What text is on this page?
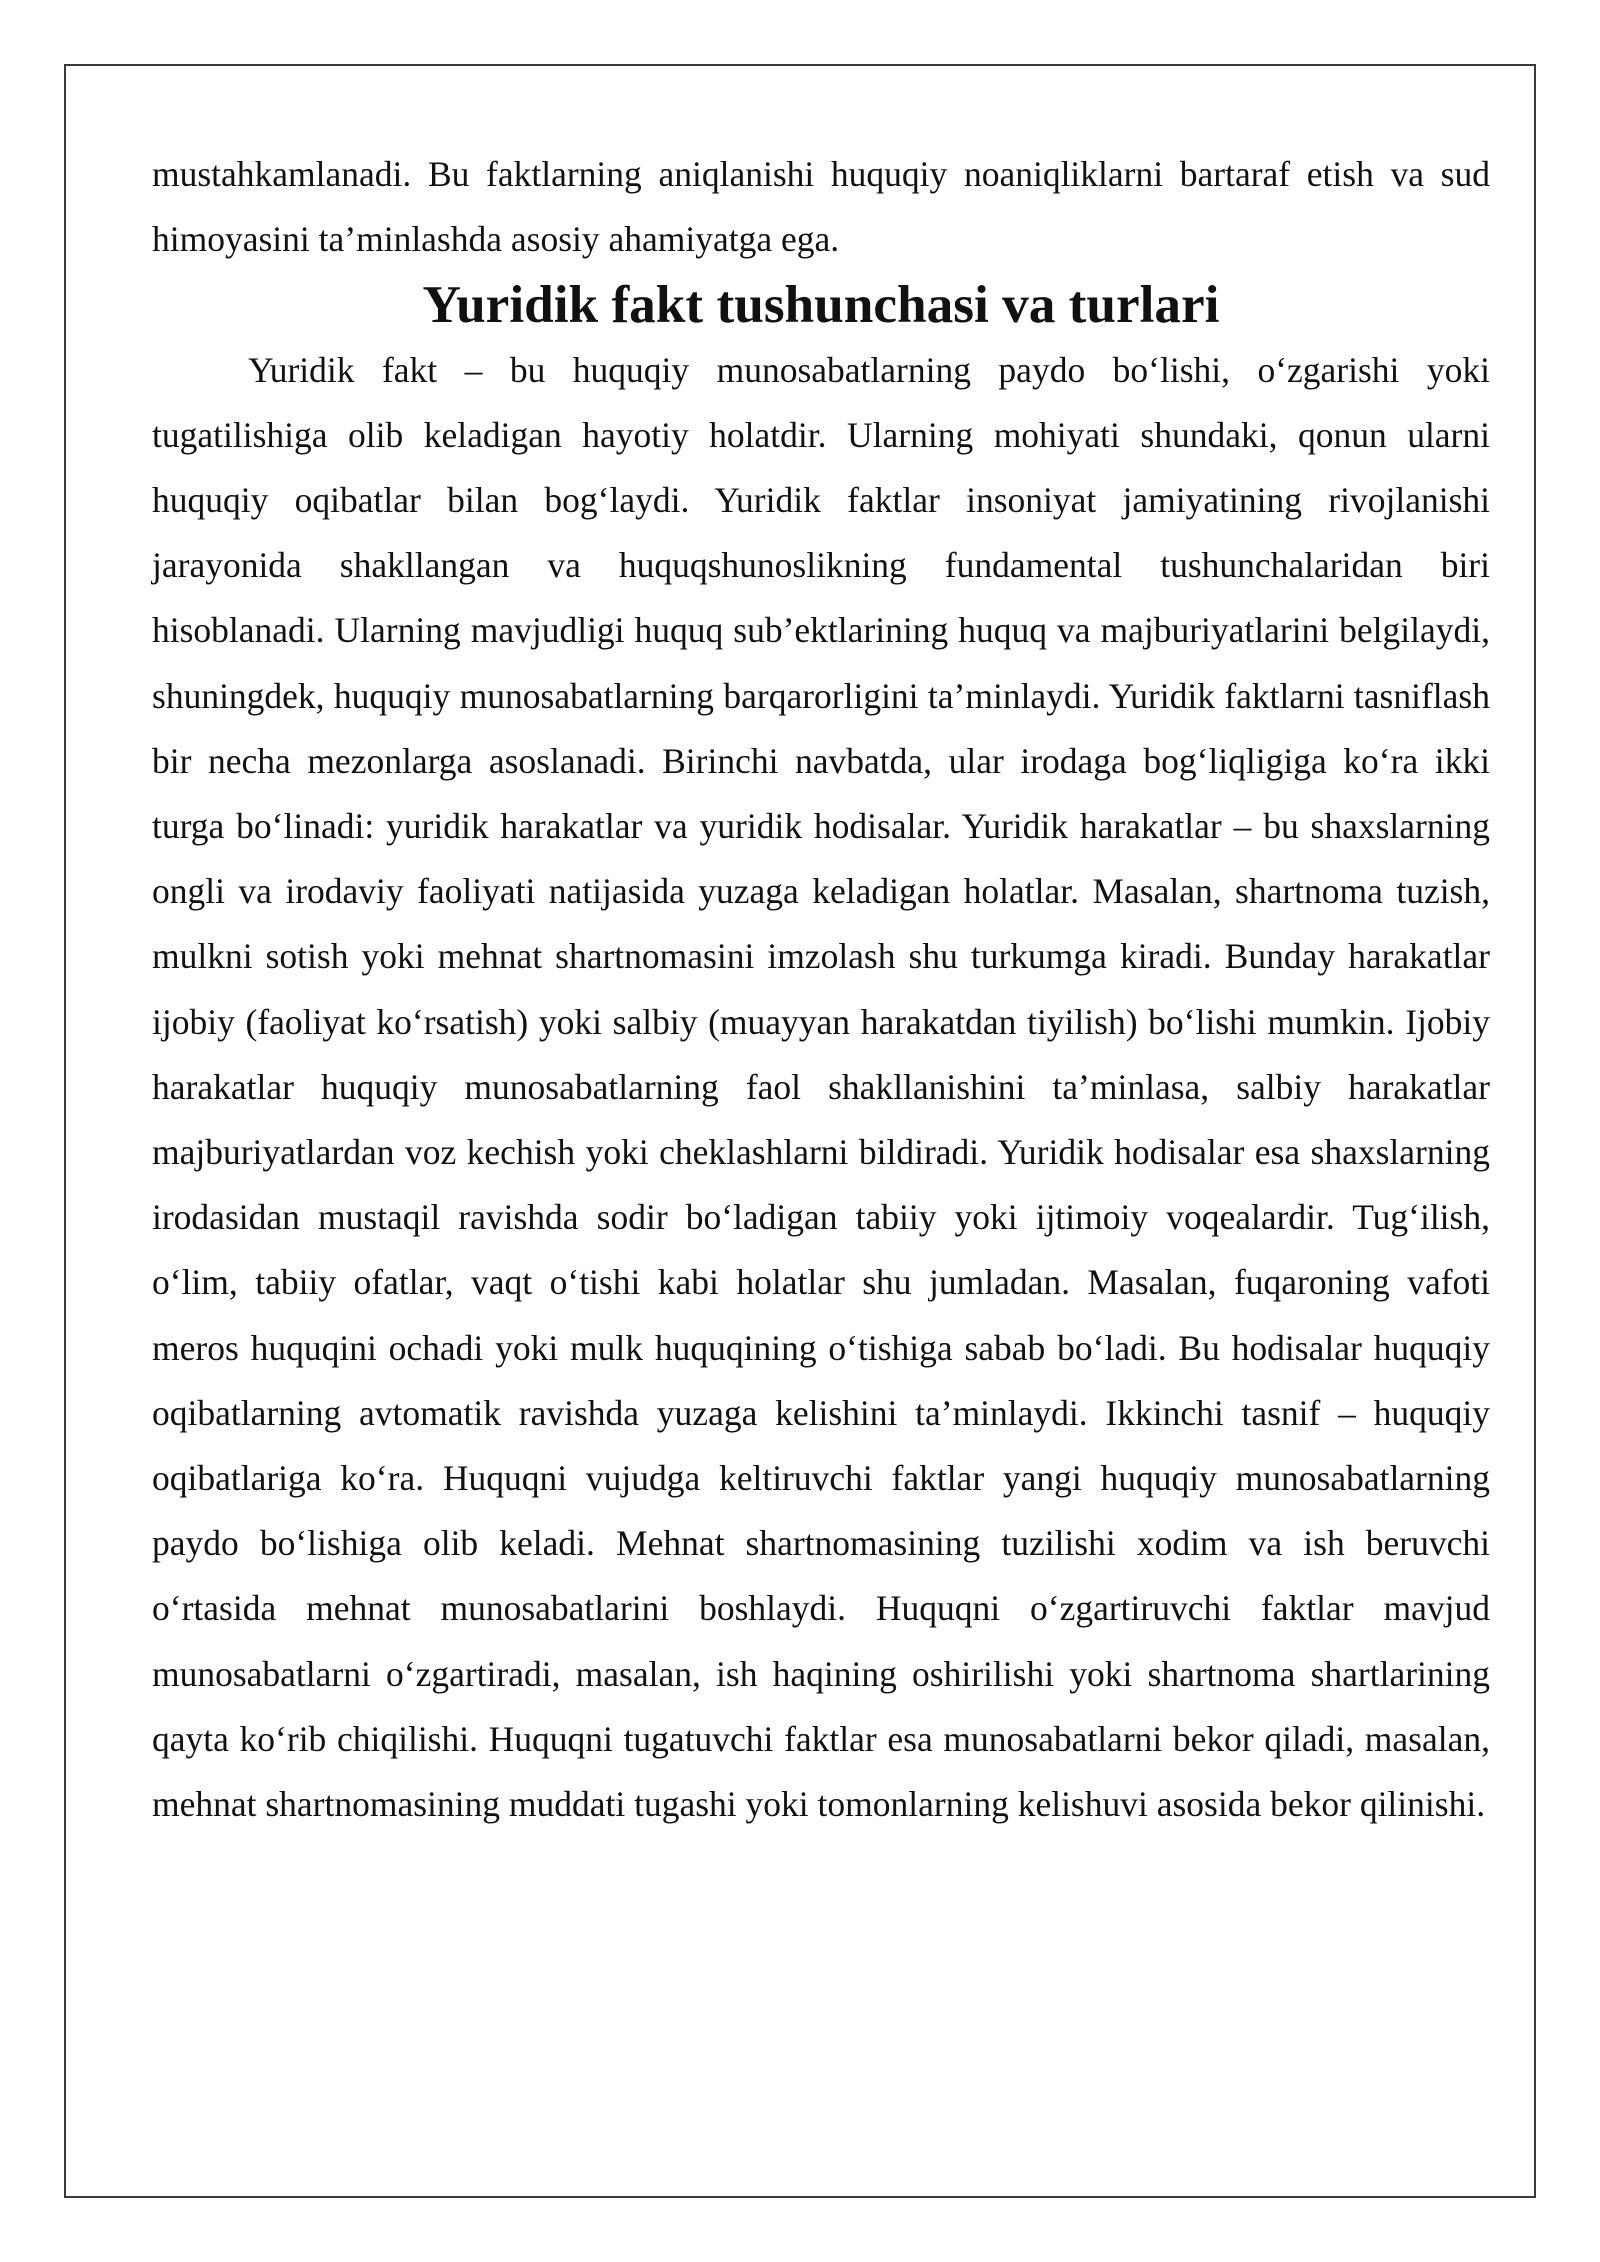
mustahkamlanadi. Bu faktlarning aniqlanishi huquqiy noaniqliklarni bartaraf etish va sud himoyasini ta’minlashda asosiy ahamiyatga ega.

Yuridik fakt tushunchasi va turlari

Yuridik fakt – bu huquqiy munosabatlarning paydo bo‘lishi, o‘zgarishi yoki tugatilishiga olib keladigan hayotiy holatdir. Ularning mohiyati shundaki, qonun ularni huquqiy oqibatlar bilan bog‘laydi. Yuridik faktlar insoniyat jamiyatining rivojlanishi jarayonida shakllangan va huquqshunoslikning fundamental tushunchalaridan biri hisoblanadi. Ularning mavjudligi huquq sub’ektlarining huquq va majburiyatlarini belgilaydi, shuningdek, huquqiy munosabatlarning barqarorligini ta’minlaydi. Yuridik faktlarni tasniflash bir necha mezonlarga asoslanadi. Birinchi navbatda, ular irodaga bog‘liqligiga ko‘ra ikki turga bo‘linadi: yuridik harakatlar va yuridik hodisalar. Yuridik harakatlar – bu shaxslarning ongli va irodaviy faoliyati natijasida yuzaga keladigan holatlar. Masalan, shartnoma tuzish, mulkni sotish yoki mehnat shartnomasini imzolash shu turkumga kiradi. Bunday harakatlar ijobiy (faoliyat ko‘rsatish) yoki salbiy (muayyan harakatdan tiyilish) bo‘lishi mumkin. Ijobiy harakatlar huquqiy munosabatlarning faol shakllanishini ta’minlasa, salbiy harakatlar majburiyatlardan voz kechish yoki cheklashlarni bildiradi. Yuridik hodisalar esa shaxslarning irodasidan mustaqil ravishda sodir bo‘ladigan tabiiy yoki ijtimoiy voqealardir. Tug‘ilish, o‘lim, tabiiy ofatlar, vaqt o‘tishi kabi holatlar shu jumladan. Masalan, fuqaroning vafoti meros huquqini ochadi yoki mulk huquqining o‘tishiga sabab bo‘ladi. Bu hodisalar huquqiy oqibatlarning avtomatik ravishda yuzaga kelishini ta’minlaydi. Ikkinchi tasnif – huquqiy oqibatlariga ko‘ra. Huquqni vujudga keltiruvchi faktlar yangi huquqiy munosabatlarning paydo bo‘lishiga olib keladi. Mehnat shartnomasining tuzilishi xodim va ish beruvchi o‘rtasida mehnat munosabatlarini boshlaydi. Huquqni o‘zgartiruvchi faktlar mavjud munosabatlarni o‘zgartiradi, masalan, ish haqining oshirilishi yoki shartnoma shartlarining qayta ko‘rib chiqilishi. Huquqni tugatuvchi faktlar esa munosabatlarni bekor qiladi, masalan, mehnat shartnomasining muddati tugashi yoki tomonlarning kelishuvi asosida bekor qilinishi.
